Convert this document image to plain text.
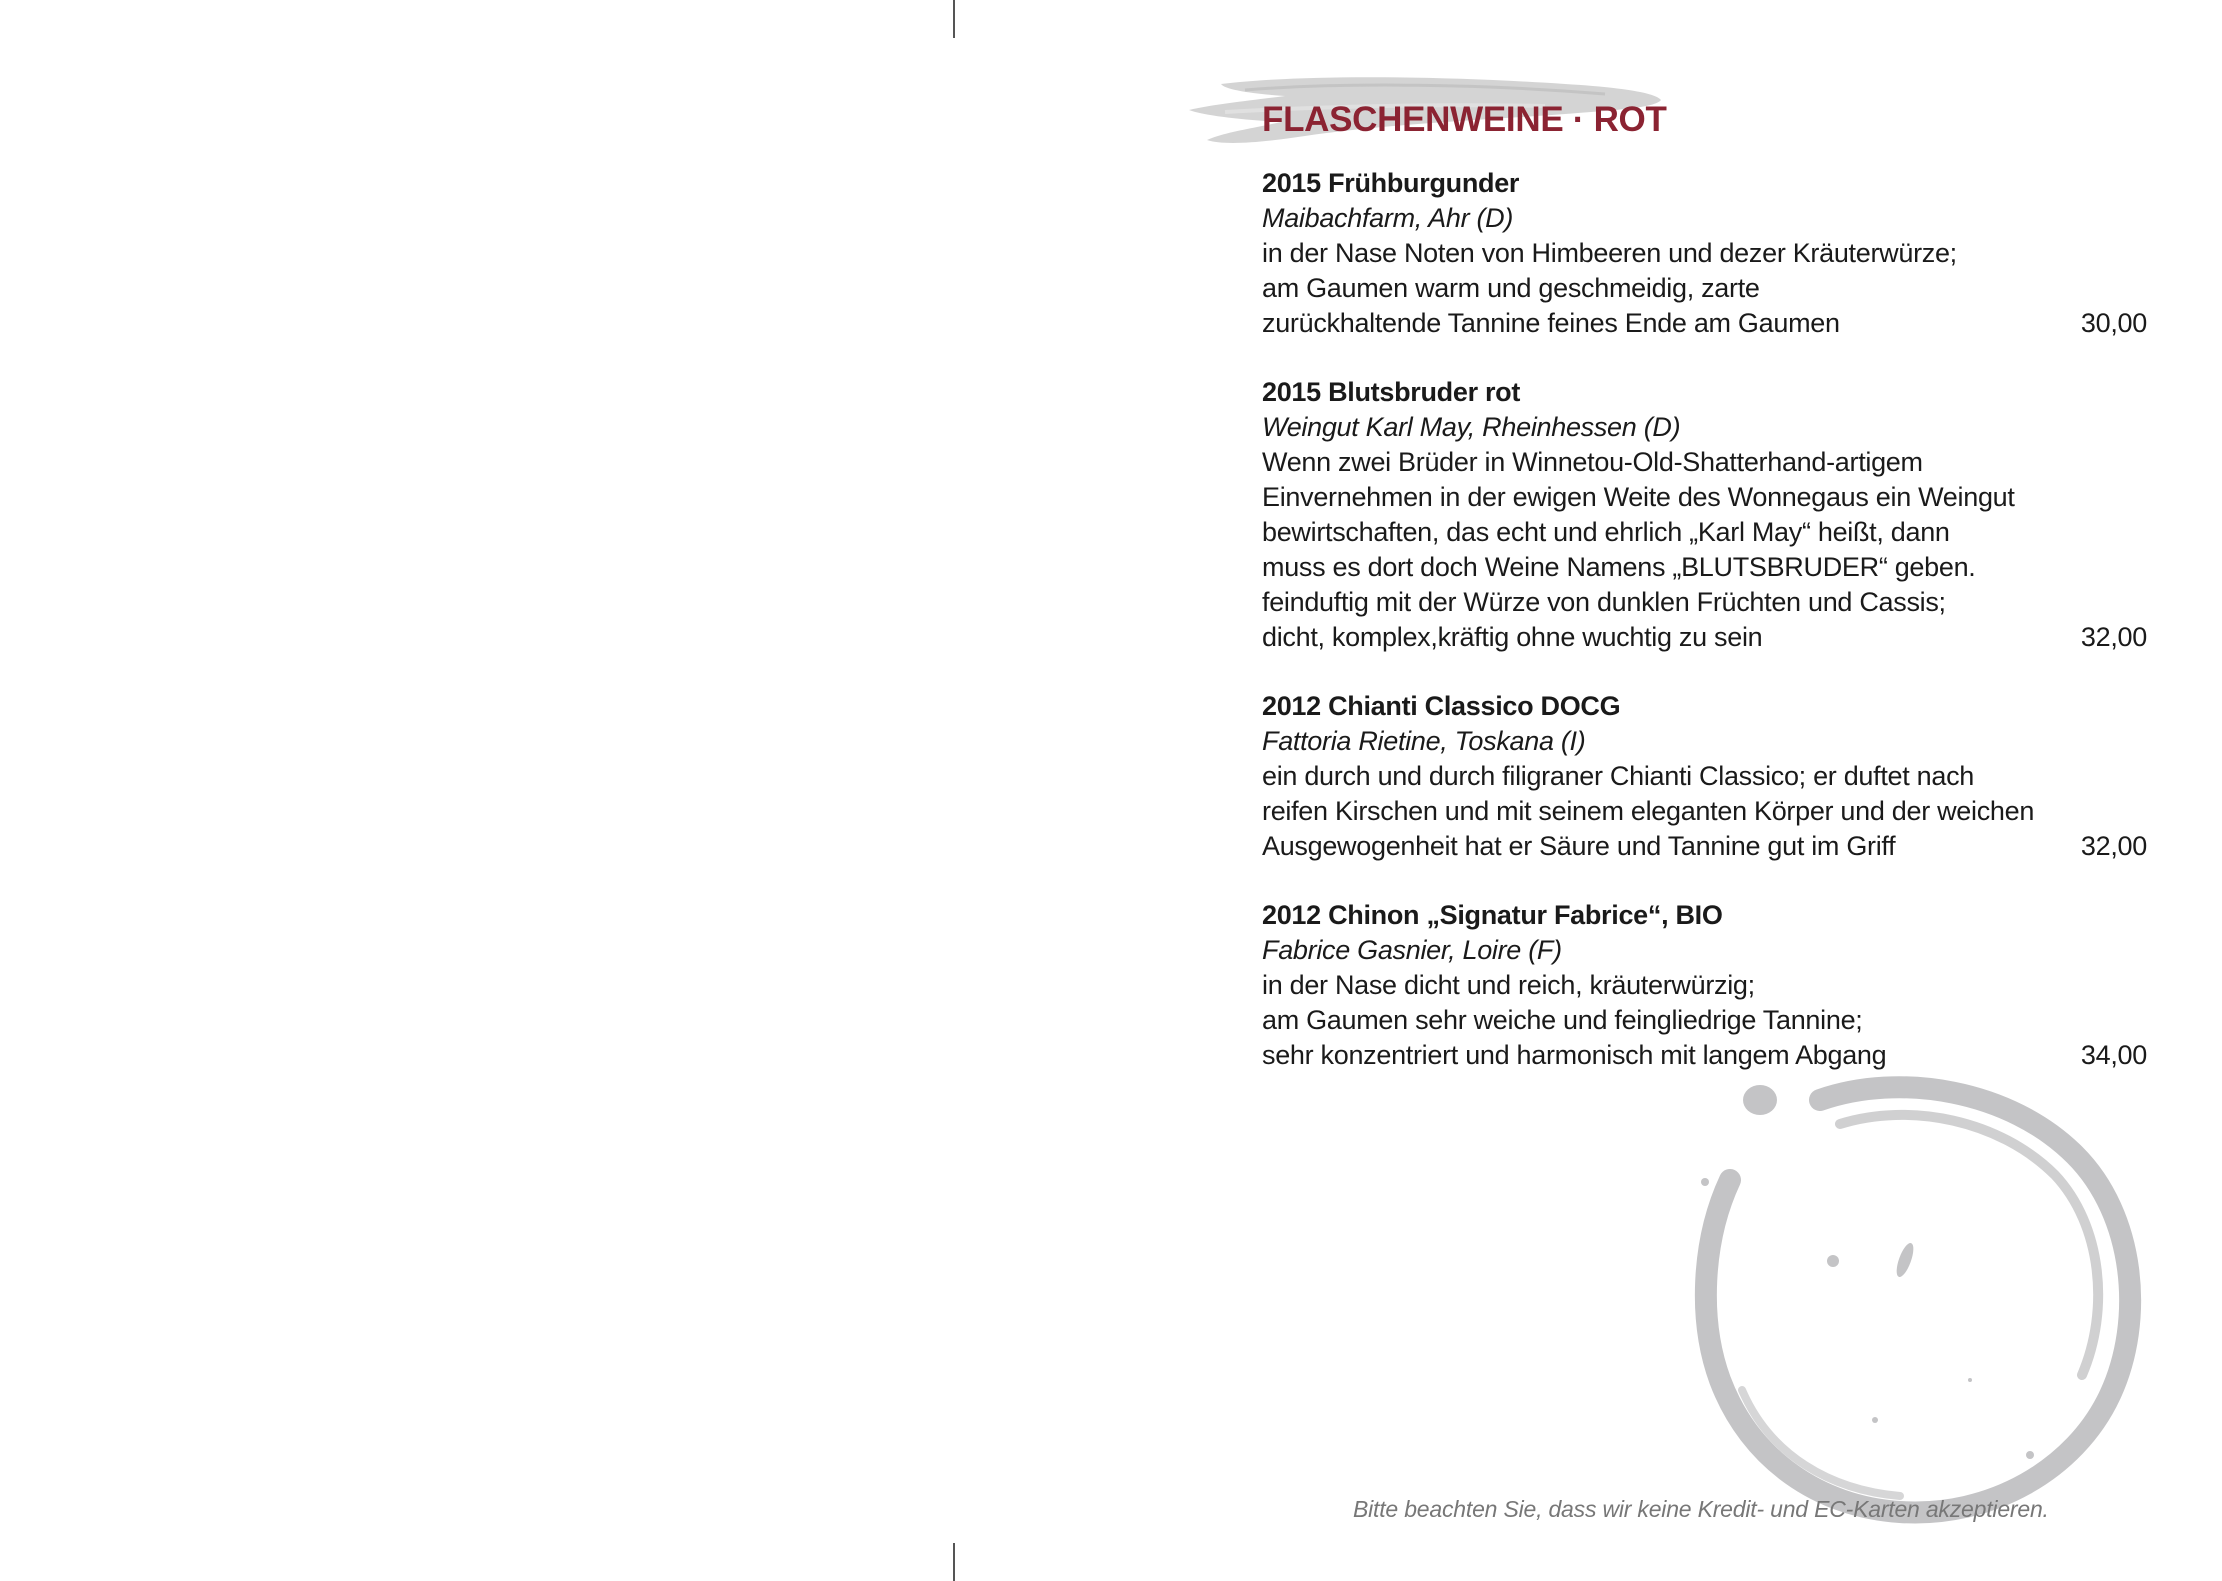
FLASCHENWEINE · ROT
2015 Frühburgunder
Maibachfarm, Ahr (D)
in der Nase Noten von Himbeeren und dezer Kräuterwürze;
am Gaumen warm und geschmeidig, zarte
zurückhaltende Tannine feines Ende am Gaumen	30,00
2015 Blutsbruder rot
Weingut Karl May, Rheinhessen (D)
Wenn zwei Brüder in Winnetou-Old-Shatterhand-artigem
Einvernehmen in der ewigen Weite des Wonnegaus ein Weingut
bewirtschaften, das echt und ehrlich „Karl May“ heißt, dann
muss es dort doch Weine Namens „BLUTSBRUDER“ geben.
feinduftig mit der Würze von dunklen Früchten und Cassis;
dicht, komplex,kräftig ohne wuchtig zu sein	32,00
2012 Chianti Classico DOCG
Fattoria Rietine, Toskana (I)
ein durch und durch filigraner Chianti Classico; er duftet nach
reifen Kirschen und mit seinem eleganten Körper und der weichen
Ausgewogenheit hat er Säure und Tannine gut im Griff	32,00
2012 Chinon „Signatur Fabrice“, BIO
Fabrice Gasnier, Loire (F)
in der Nase dicht und reich, kräuterwürzig;
am Gaumen sehr weiche und feingliedrige Tannine;
sehr konzentriert und harmonisch mit langem Abgang	34,00
Bitte beachten Sie, dass wir keine Kredit- und EC-Karten akzeptieren.
